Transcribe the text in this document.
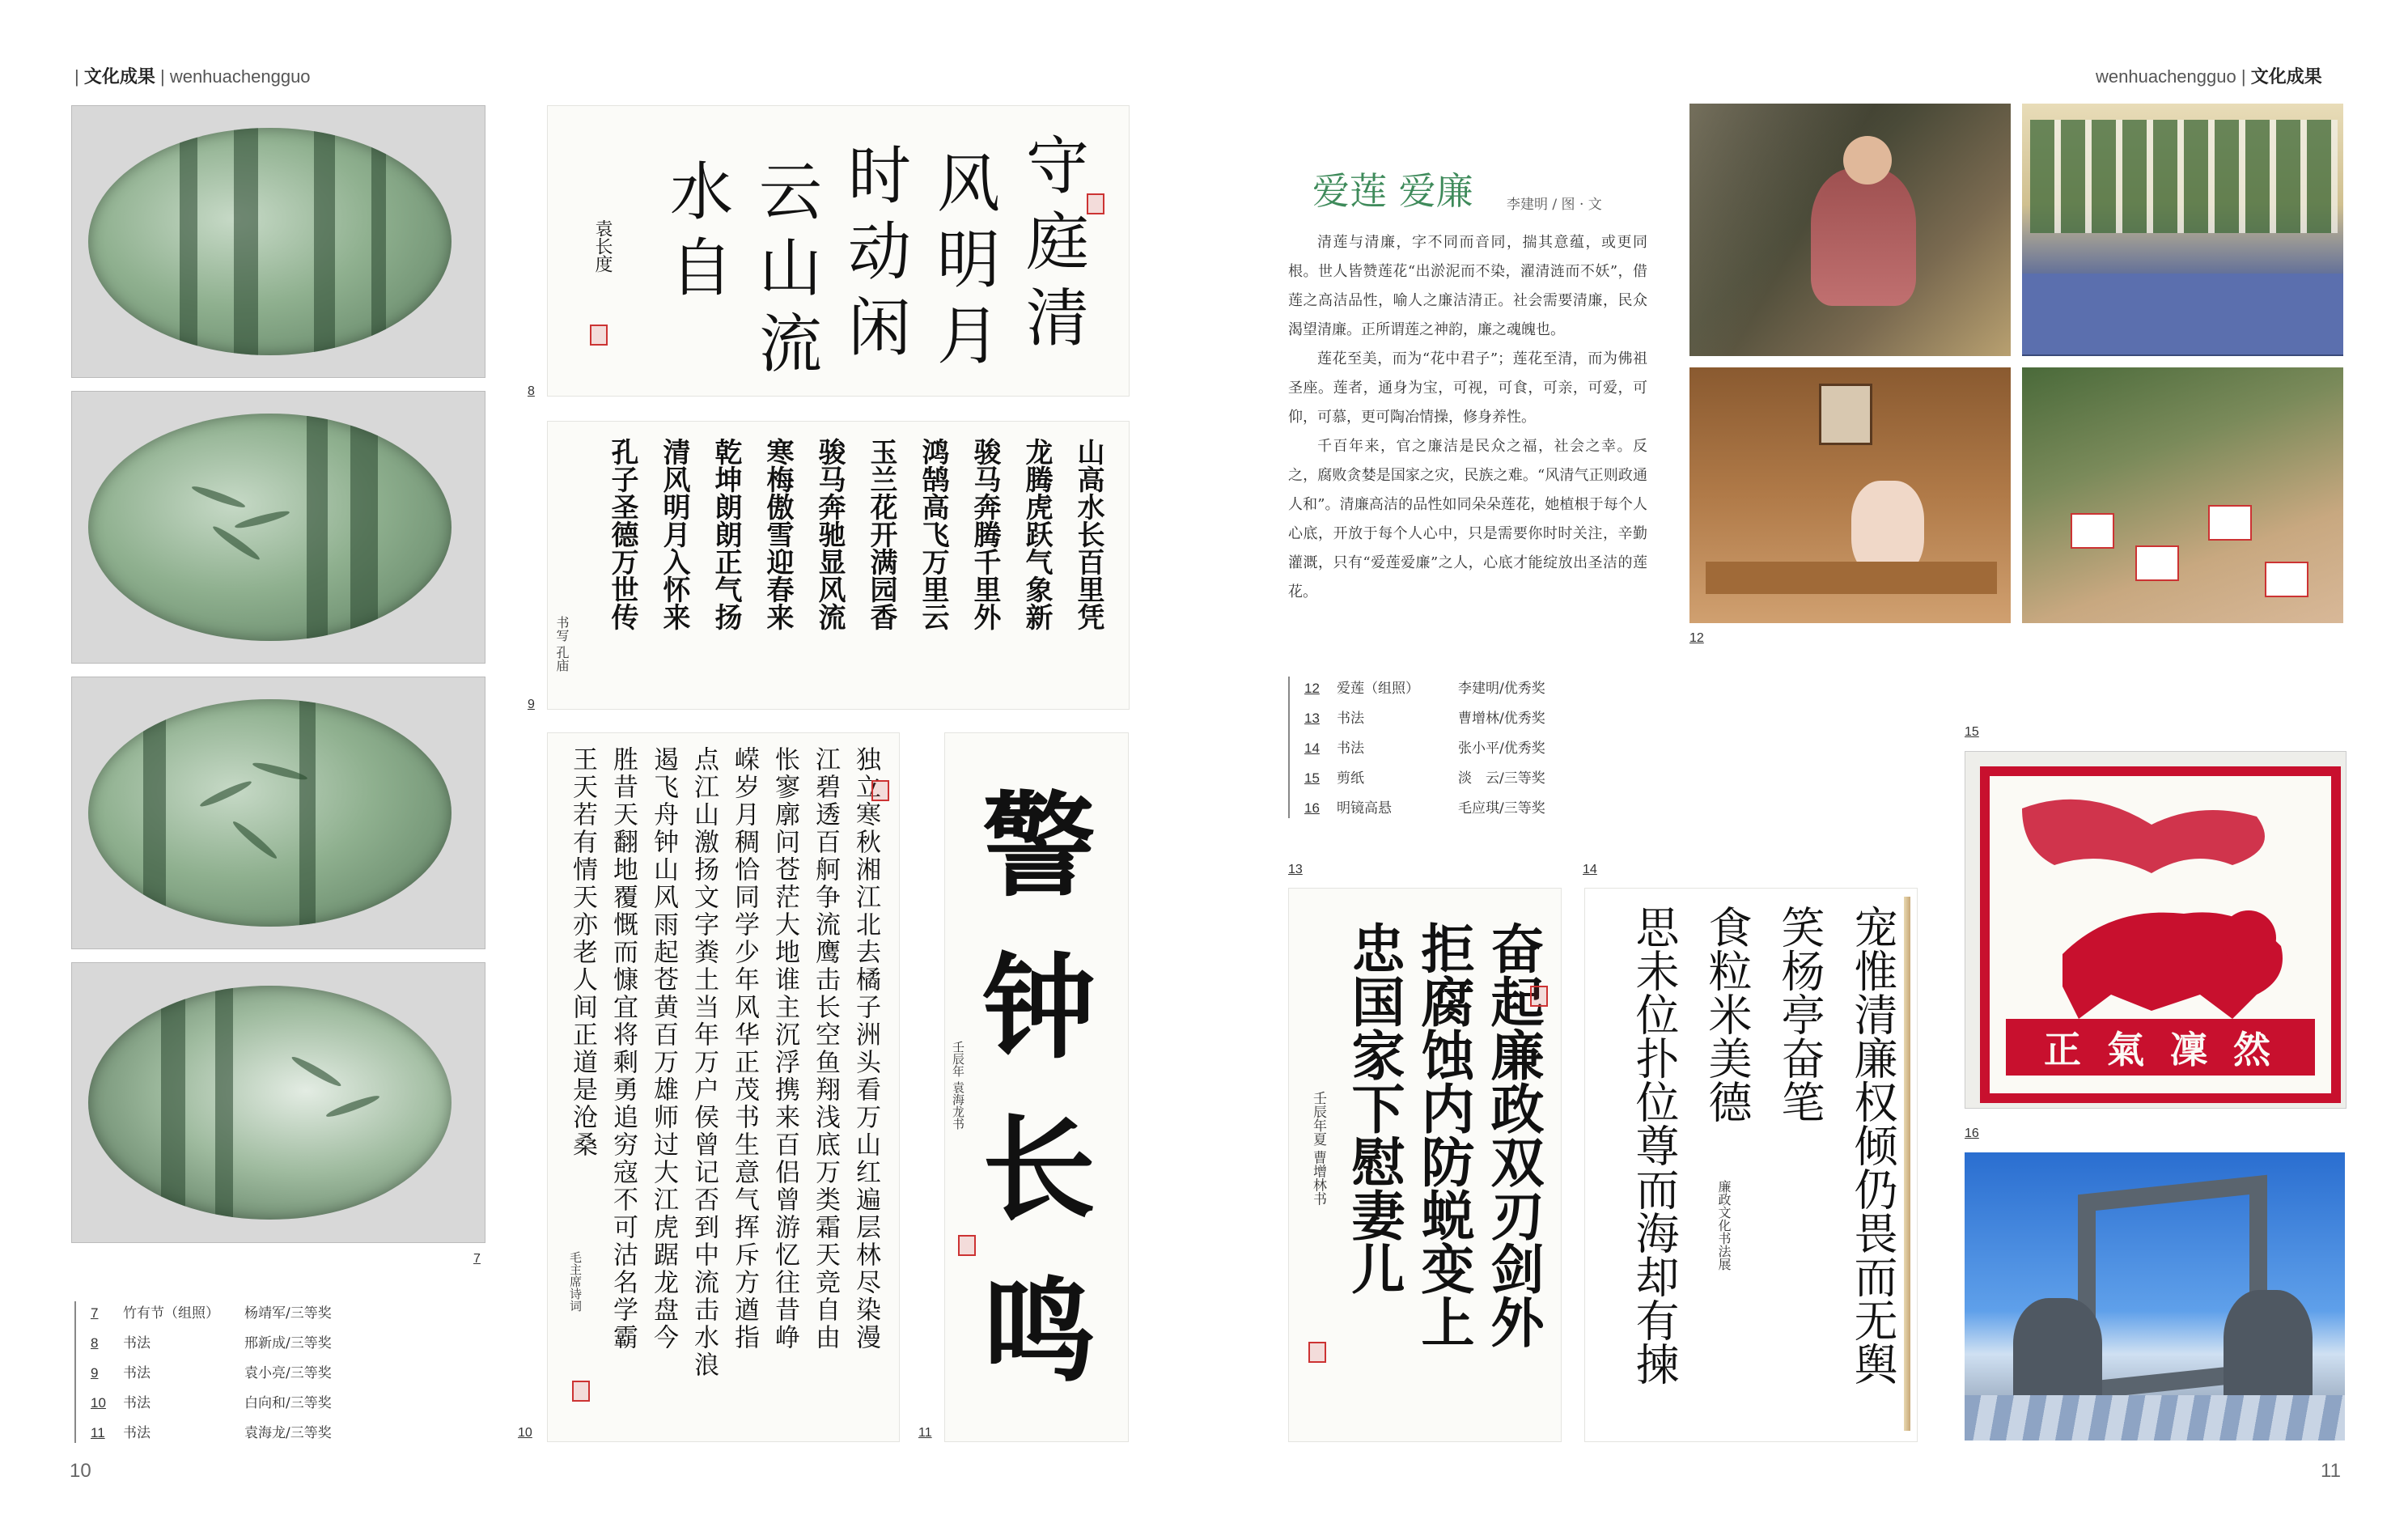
| 文化成果 | wenhuachengguo	wenhuachengguo | 文化成果
7
7 竹有节（组照） 杨靖军/三等奖
8 书法	邢新成/三等奖
9 书法	袁小亮/三等奖
10 书法	白向和/三等奖
11 书法	袁海龙/三等奖
10
守
庭
清
风
明
月
时
动
闲
云
山
流
水
自
袁长度
8
山高水长百里凭
龙腾虎跃气象新
骏马奔腾千里外
鸿鹄高飞万里云
玉兰花开满园香
骏马奔驰显风流
寒梅傲雪迎春来
乾坤朗朗正气扬
清风明月入怀来
孔子圣德万世传
书写 孔庙
9
独立寒秋湘江北去橘子洲头看万山红遍层林尽染漫
江碧透百舸争流鹰击长空鱼翔浅底万类霜天竞自由
怅寥廓问苍茫大地谁主沉浮携来百侣曾游忆往昔峥
嵘岁月稠恰同学少年风华正茂书生意气挥斥方遒指
点江山激扬文字粪土当年万户侯曾记否到中流击水浪
遏飞舟钟山风雨起苍黄百万雄师过大江虎踞龙盘今
胜昔天翻地覆慨而慷宜将剩勇追穷寇不可沽名学霸
王天若有情天亦老人间正道是沧桑
毛主席诗词
10
警
钟
长
鸣
壬辰年 袁海龙书
11
爱莲 爱廉 李建明 / 图 · 文

清莲与清廉，字不同而音同，揣其意蕴，或更同根。世人皆赞莲花“出淤泥而不染，濯清涟而不妖”，借莲之高洁品性，喻人之廉洁清正。社会需要清廉，民众渴望清廉。正所谓莲之神韵，廉之魂魄也。

莲花至美，而为“花中君子”；莲花至清，而为佛祖圣座。莲者，通身为宝，可视，可食，可亲，可爱，可仰，可慕，更可陶冶情操，修身养性。

千百年来，官之廉洁是民众之福，社会之幸。反之，腐败贪婪是国家之灾，民族之难。“风清气正则政通人和”。清廉高洁的品性如同朵朵莲花，她植根于每个人心底，开放于每个人心中，只是需要你时时关注，辛勤灌溉，只有“爱莲爱廉”之人，心底才能绽放出圣洁的莲花。

12 爱莲（组照）	李建明/优秀奖
13 书法	曹增林/优秀奖
14 书法	张小平/优秀奖
15 剪纸	淡　云/三等奖
16 明镜高悬	毛应琪/三等奖
12
13
奋起廉政双刃剑外
拒腐蚀内防蜕变上
忠国家下慰妻儿
壬辰年夏 曹增林书
14
宠惟清廉权倾仍畏而无舆
笑杨亭奋笔
食粒米美德
思未位扑位尊而海却有揀	廉政文化书法展
15
正 氣 凜 然
16
11
